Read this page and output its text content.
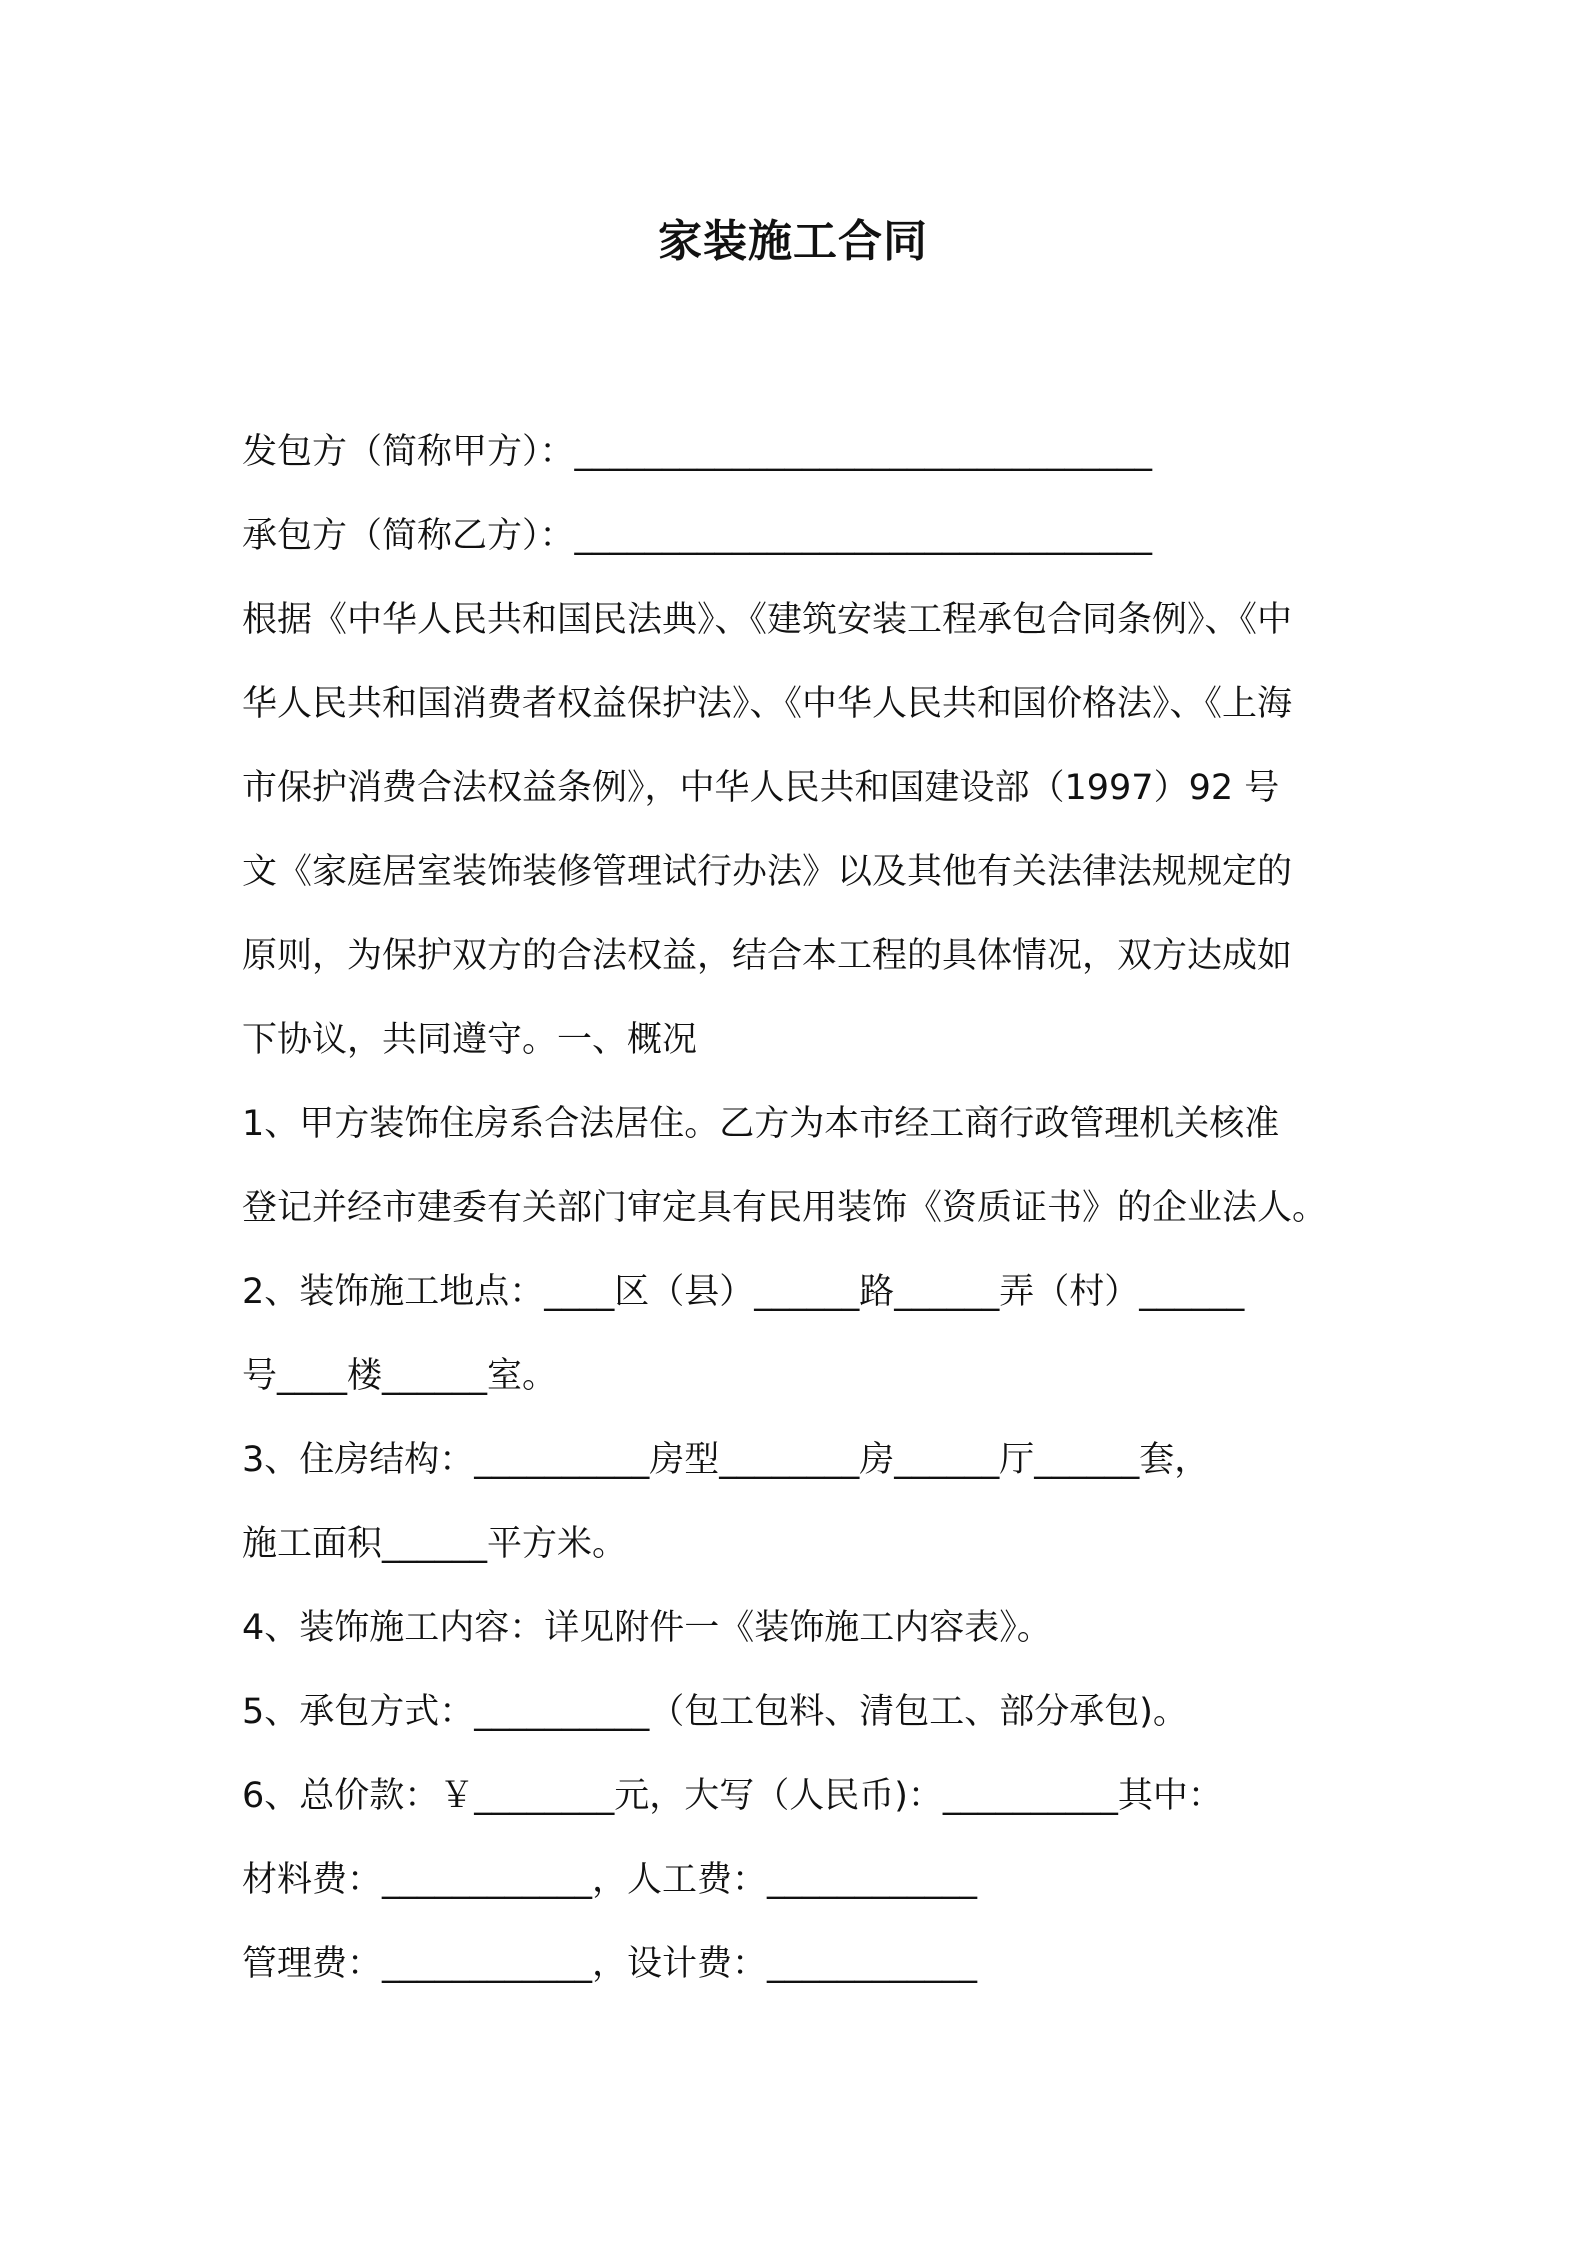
家装施工合同
发包方（简称甲方）：_________________________________
承包方（简称乙方）：_________________________________
根据《中华人民共和国民法典》、《建筑安装工程承包合同条例》、《中
华人民共和国消费者权益保护法》、《中华人民共和国价格法》、《上海
市保护消费合法权益条例》，中华人民共和国建设部（1997）92 号
文《家庭居室装饰装修管理试行办法》以及其他有关法律法规规定的
原则，为保护双方的合法权益，结合本工程的具体情况，双方达成如
下协议，共同遵守。一、概况
1、甲方装饰住房系合法居住。乙方为本市经工商行政管理机关核准
登记并经市建委有关部门审定具有民用装饰《资质证书》的企业法人。
2、装饰施工地点：____区（县）______路______弄（村）______
号____楼______室。
3、住房结构：__________房型________房______厅______套，
施工面积______平方米。
4、装饰施工内容：详见附件一《装饰施工内容表》。
5、承包方式：__________（包工包料、清包工、部分承包)。
6、总价款：￥________元，大写（人民币)：__________其中：
材料费：____________，人工费：____________
管理费：____________，设计费：____________
